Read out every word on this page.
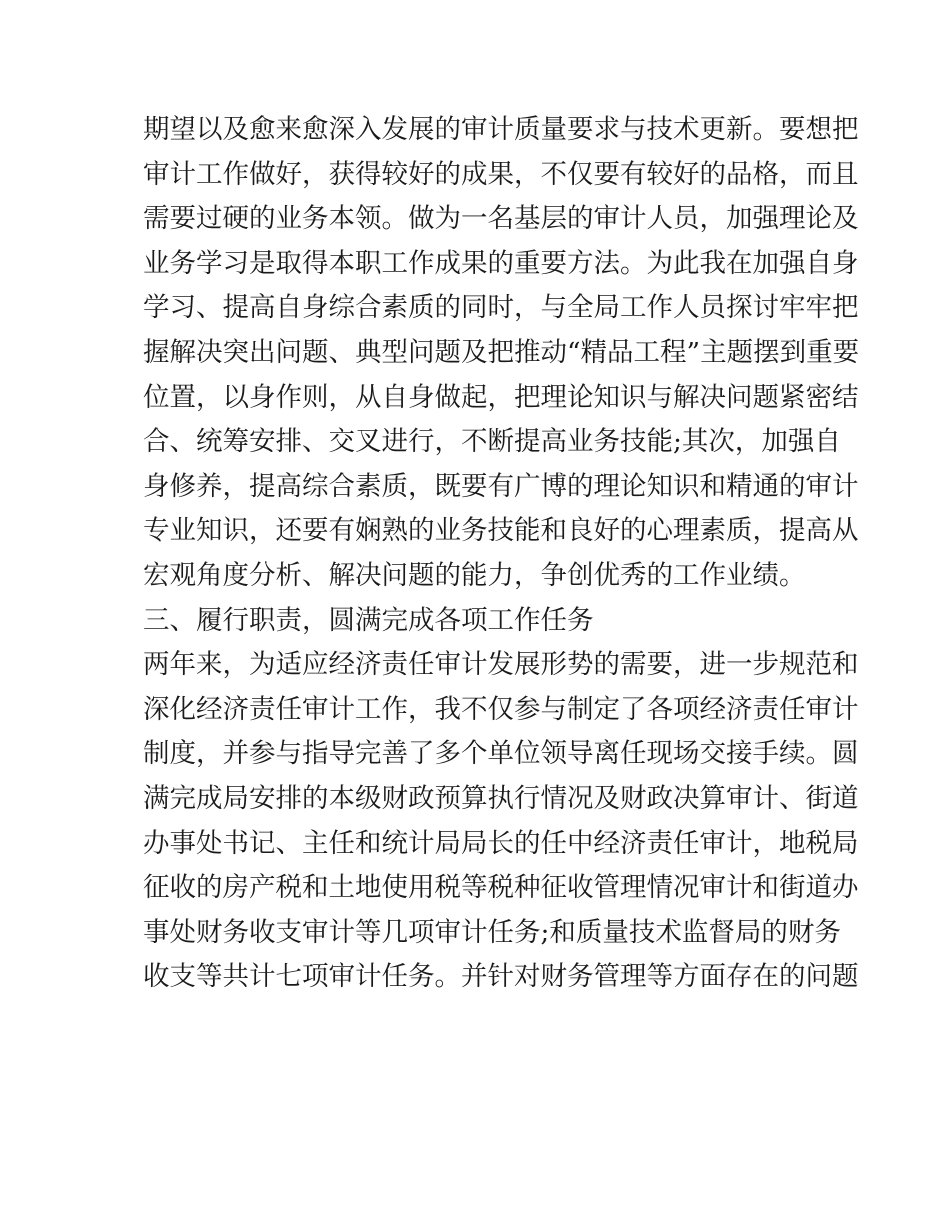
期望以及愈来愈深入发展的审计质量要求与技术更新。要想把
审计工作做好，获得较好的成果，不仅要有较好的品格，而且
需要过硬的业务本领。做为一名基层的审计人员，加强理论及
业务学习是取得本职工作成果的重要方法。为此我在加强自身
学习、提高自身综合素质的同时，与全局工作人员探讨牢牢把
握解决突出问题、典型问题及把推动“精品工程”主题摆到重要
位置，以身作则，从自身做起，把理论知识与解决问题紧密结
合、统筹安排、交叉进行，不断提高业务技能;其次，加强自
身修养，提高综合素质，既要有广博的理论知识和精通的审计
专业知识，还要有娴熟的业务技能和良好的心理素质，提高从
宏观角度分析、解决问题的能力，争创优秀的工作业绩。
三、履行职责，圆满完成各项工作任务
两年来，为适应经济责任审计发展形势的需要，进一步规范和
深化经济责任审计工作，我不仅参与制定了各项经济责任审计
制度，并参与指导完善了多个单位领导离任现场交接手续。圆
满完成局安排的本级财政预算执行情况及财政决算审计、街道
办事处书记、主任和统计局局长的任中经济责任审计，地税局
征收的房产税和土地使用税等税种征收管理情况审计和街道办
事处财务收支审计等几项审计任务;和质量技术监督局的财务
收支等共计七项审计任务。并针对财务管理等方面存在的问题
